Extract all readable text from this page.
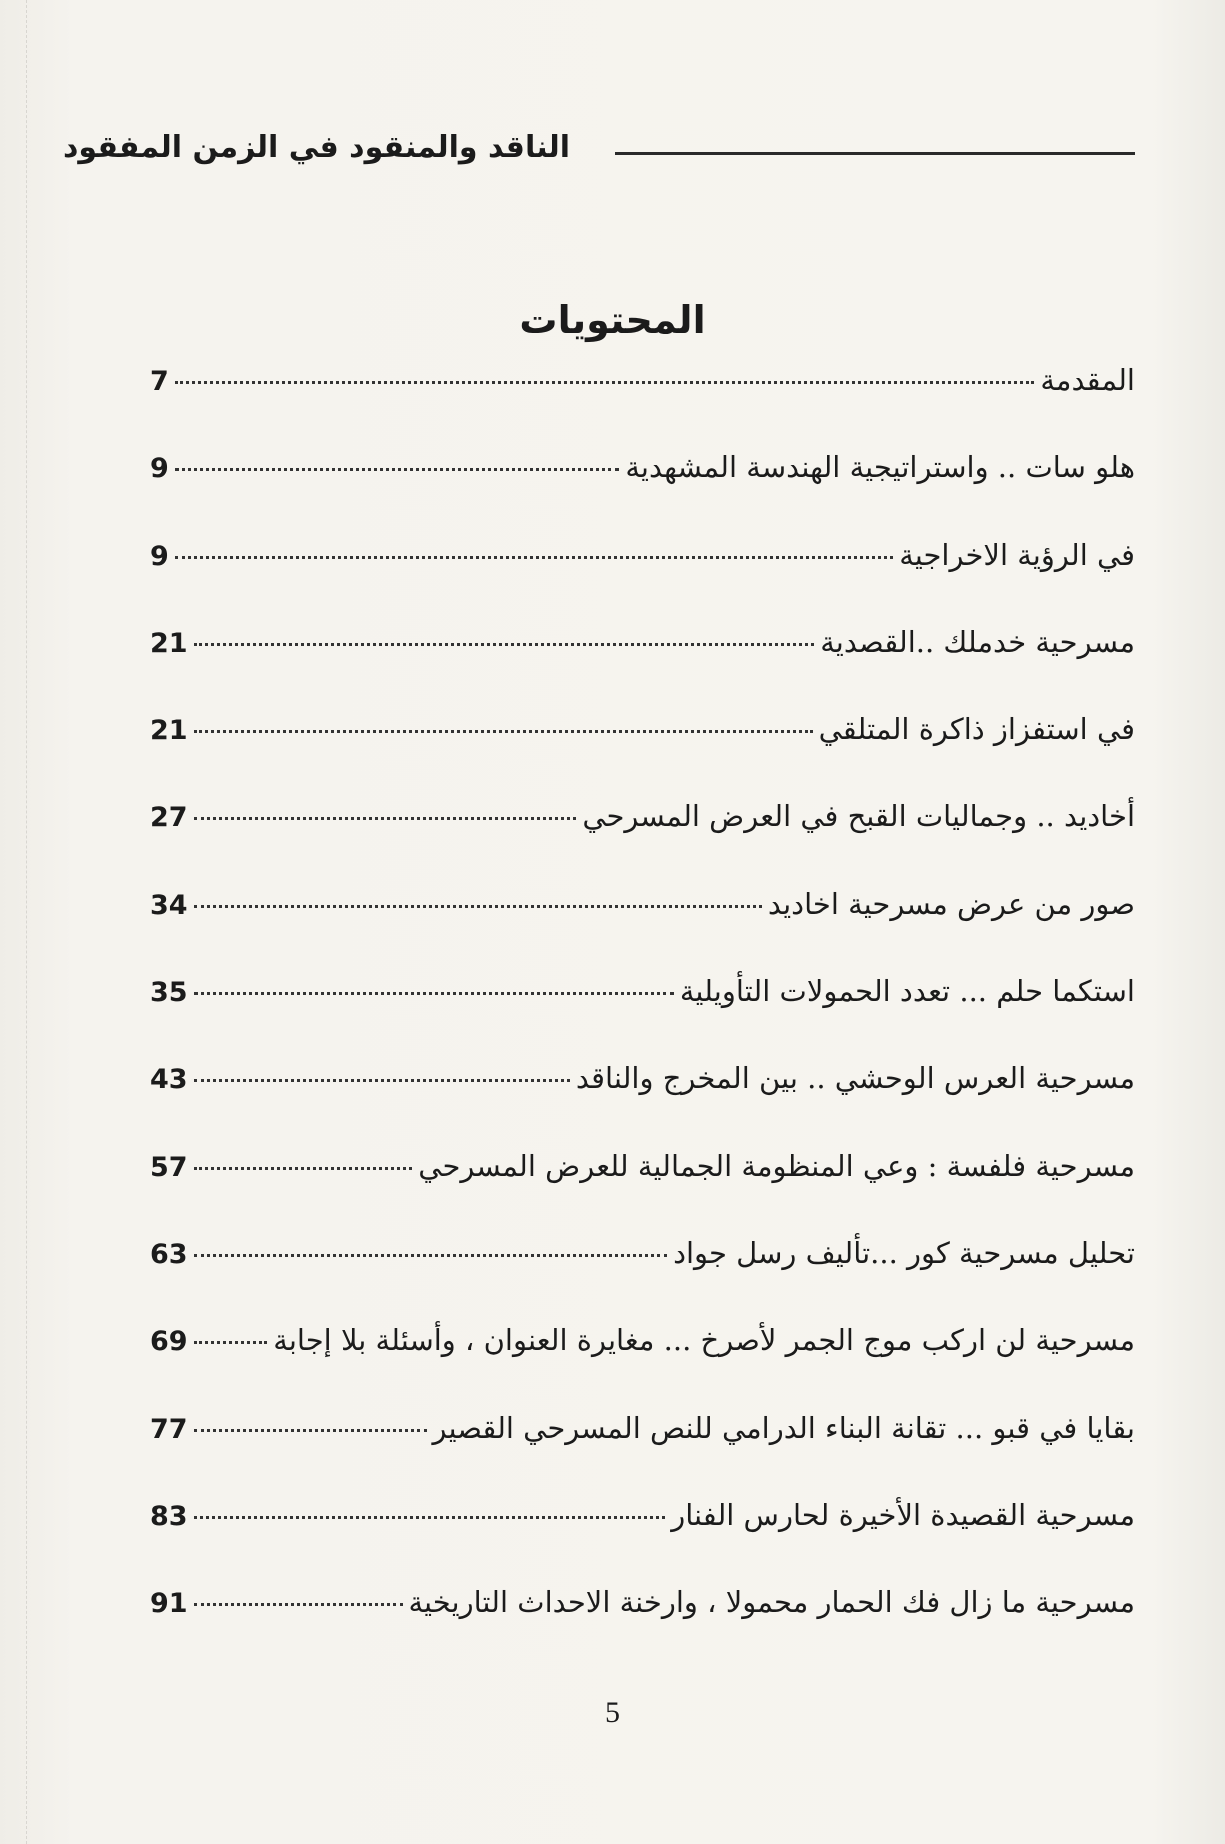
الناقد والمنقود في الزمن المفقود
المحتويات
المقدمة
7
هلو سات .. واستراتيجية الهندسة المشهدية
9
في الرؤية الاخراجية
9
مسرحية خدملك ..القصدية
21
في استفزاز ذاكرة المتلقي
21
أخاديد .. وجماليات القبح في العرض المسرحي
27
صور من عرض مسرحية اخاديد
34
استكما حلم ... تعدد الحمولات التأويلية
35
مسرحية العرس الوحشي .. بين المخرج والناقد
43
مسرحية فلفسة : وعي المنظومة الجمالية للعرض المسرحي
57
تحليل مسرحية كور ...تأليف رسل جواد
63
مسرحية لن اركب موج الجمر لأصرخ ... مغايرة العنوان ، وأسئلة بلا إجابة
69
بقايا في قبو ... تقانة البناء الدرامي للنص المسرحي القصير
77
مسرحية القصيدة الأخيرة لحارس الفنار
83
مسرحية ما زال فك الحمار محمولا ، وارخنة الاحداث التاريخية
91
5
